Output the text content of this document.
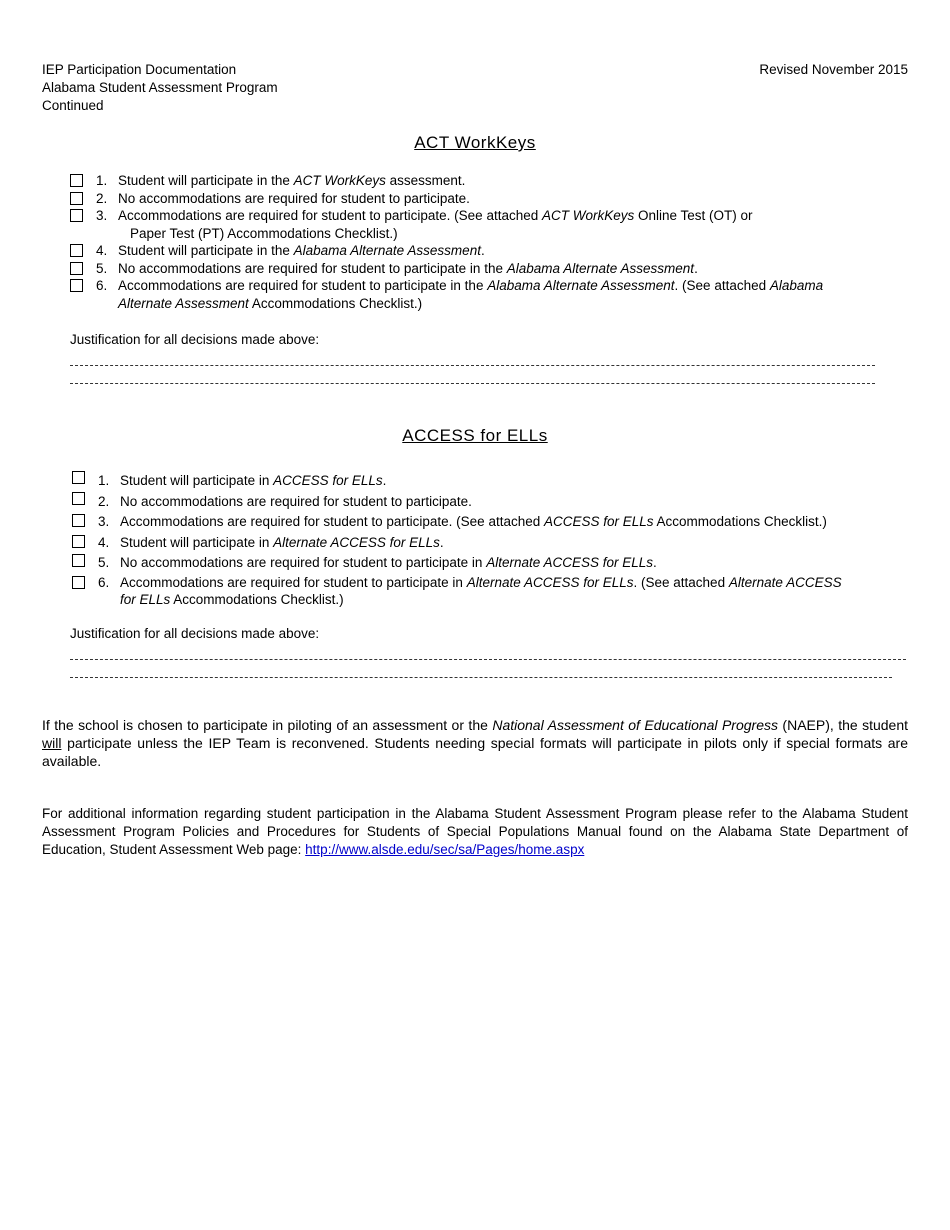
IEP Participation Documentation
Alabama Student Assessment Program
Continued
Revised November 2015
ACT WorkKeys
1. Student will participate in the ACT WorkKeys assessment.
2. No accommodations are required for student to participate.
3. Accommodations are required for student to participate. (See attached ACT WorkKeys Online Test (OT) or
Paper Test (PT) Accommodations Checklist.)
4. Student will participate in the Alabama Alternate Assessment.
5. No accommodations are required for student to participate in the Alabama Alternate Assessment.
6. Accommodations are required for student to participate in the Alabama Alternate Assessment. (See attached Alabama
Alternate Assessment Accommodations Checklist.)
Justification for all decisions made above:
ACCESS for ELLs
1. Student will participate in ACCESS for ELLs.
2. No accommodations are required for student to participate.
3. Accommodations are required for student to participate. (See attached ACCESS for ELLs Accommodations Checklist.)
4. Student will participate in Alternate ACCESS for ELLs.
5. No accommodations are required for student to participate in Alternate ACCESS for ELLs.
6. Accommodations are required for student to participate in Alternate ACCESS for ELLs. (See attached Alternate ACCESS
for ELLs Accommodations Checklist.)
Justification for all decisions made above:
If the school is chosen to participate in piloting of an assessment or the National Assessment of Educational Progress (NAEP), the student will participate unless the IEP Team is reconvened. Students needing special formats will participate in pilots only if special formats are available.
For additional information regarding student participation in the Alabama Student Assessment Program please refer to the Alabama Student Assessment Program Policies and Procedures for Students of Special Populations Manual found on the Alabama State Department of Education, Student Assessment Web page: http://www.alsde.edu/sec/sa/Pages/home.aspx
